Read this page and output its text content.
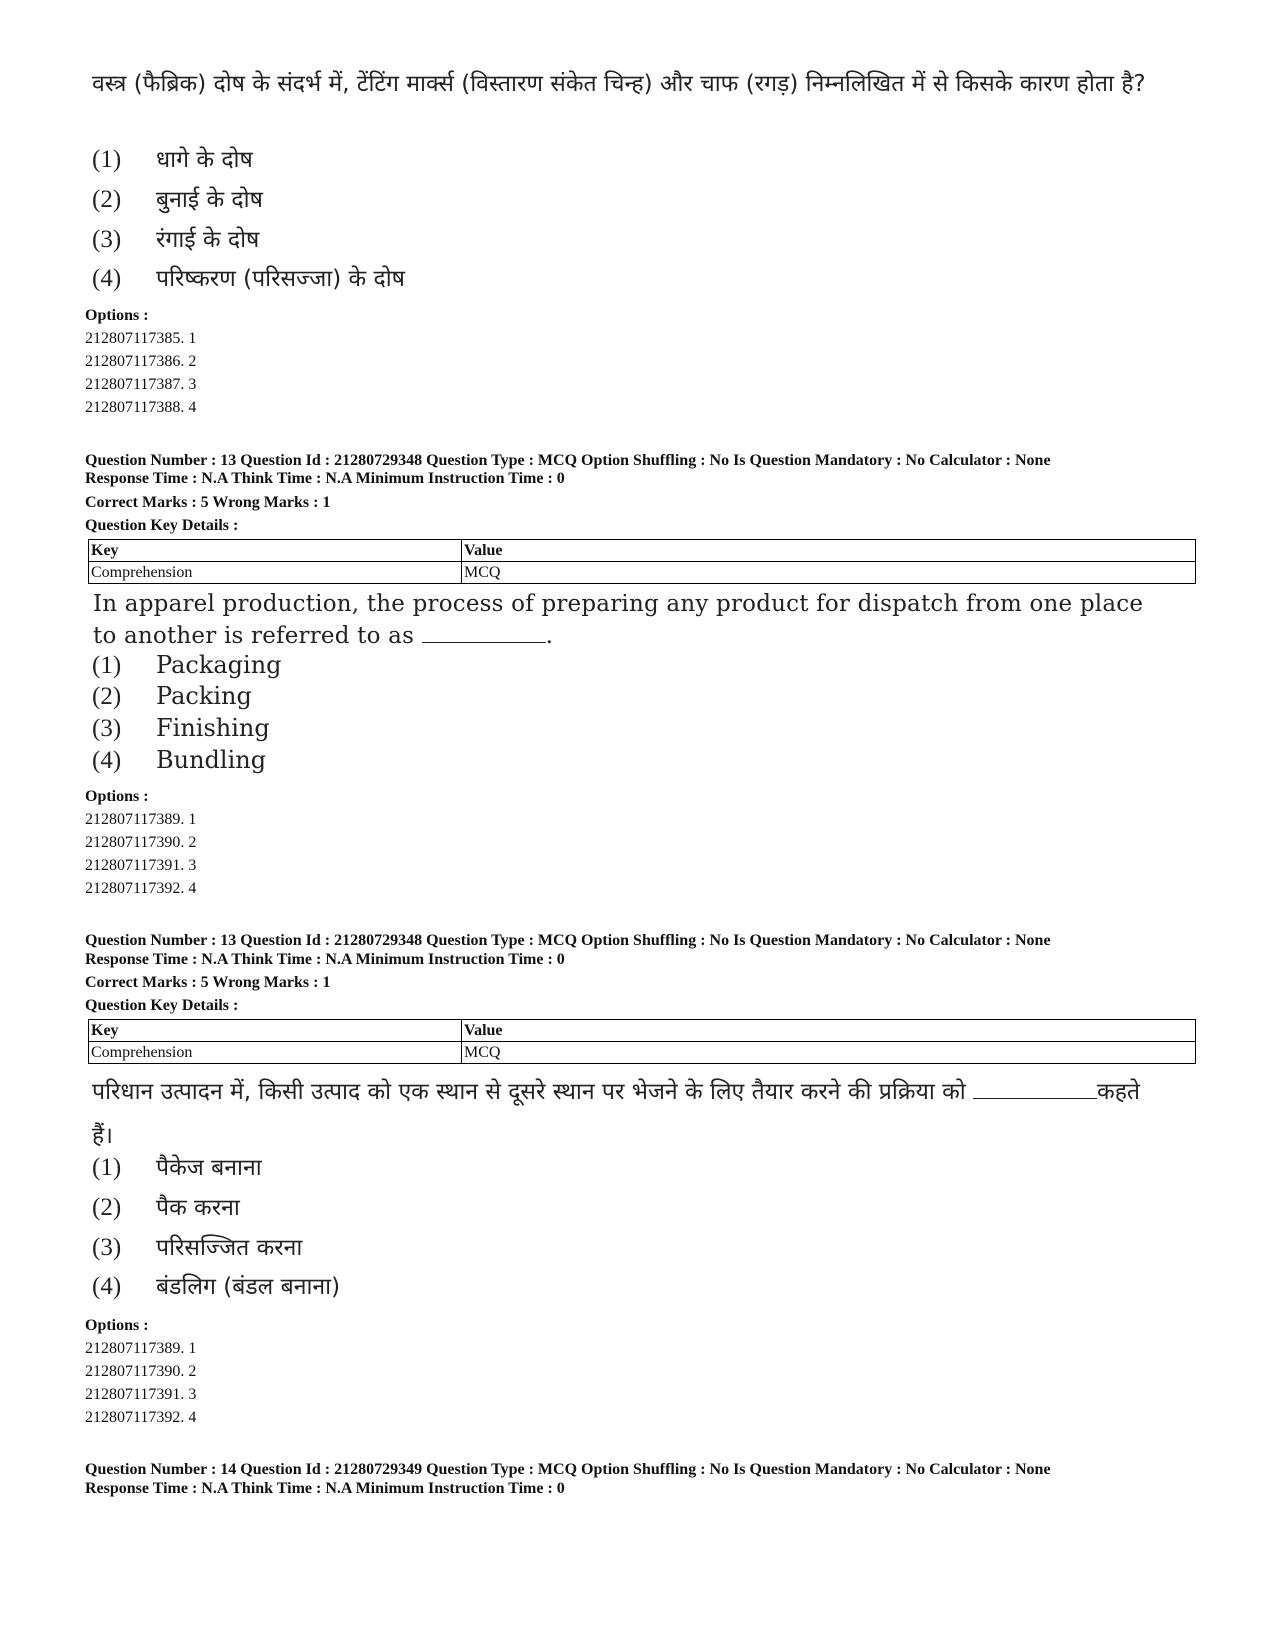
वस्त्र (फैब्रिक) दोष के संदर्भ में, टेंटिंग मार्क्स (विस्तारण संकेत चिन्ह) और चाफ (रगड़) निम्नलिखित में से किसके कारण होता है?
(1) धागे के दोष
(2) बुनाई के दोष
(3) रंगाई के दोष
(4) परिष्करण (परिसज्जा) के दोष
Options :
212807117385. 1
212807117386. 2
212807117387. 3
212807117388. 4
Question Number : 13 Question Id : 21280729348 Question Type : MCQ Option Shuffling : No Is Question Mandatory : No Calculator : None
Response Time : N.A Think Time : N.A Minimum Instruction Time : 0
Correct Marks : 5 Wrong Marks : 1
Question Key Details :
Key	Value
Comprehension	MCQ
In apparel production, the process of preparing any product for dispatch from one place to another is referred to as	.
(1) Packaging
(2) Packing
(3) Finishing
(4) Bundling
Options :
212807117389. 1
212807117390. 2
212807117391. 3
212807117392. 4
Question Number : 13 Question Id : 21280729348 Question Type : MCQ Option Shuffling : No Is Question Mandatory : No Calculator : None
Response Time : N.A Think Time : N.A Minimum Instruction Time : 0
Correct Marks : 5 Wrong Marks : 1
Question Key Details :
Key	Value
Comprehension	MCQ
परिधान उत्पादन में, किसी उत्पाद को एक स्थान से दूसरे स्थान पर भेजने के लिए तैयार करने की प्रक्रिया को	कहते हैं।
(1) पैकेज बनाना
(2) पैक करना
(3) परिसज्जित करना
(4) बंडलिग (बंडल बनाना)
Options :
212807117389. 1
212807117390. 2
212807117391. 3
212807117392. 4
Question Number : 14 Question Id : 21280729349 Question Type : MCQ Option Shuffling : No Is Question Mandatory : No Calculator : None
Response Time : N.A Think Time : N.A Minimum Instruction Time : 0
